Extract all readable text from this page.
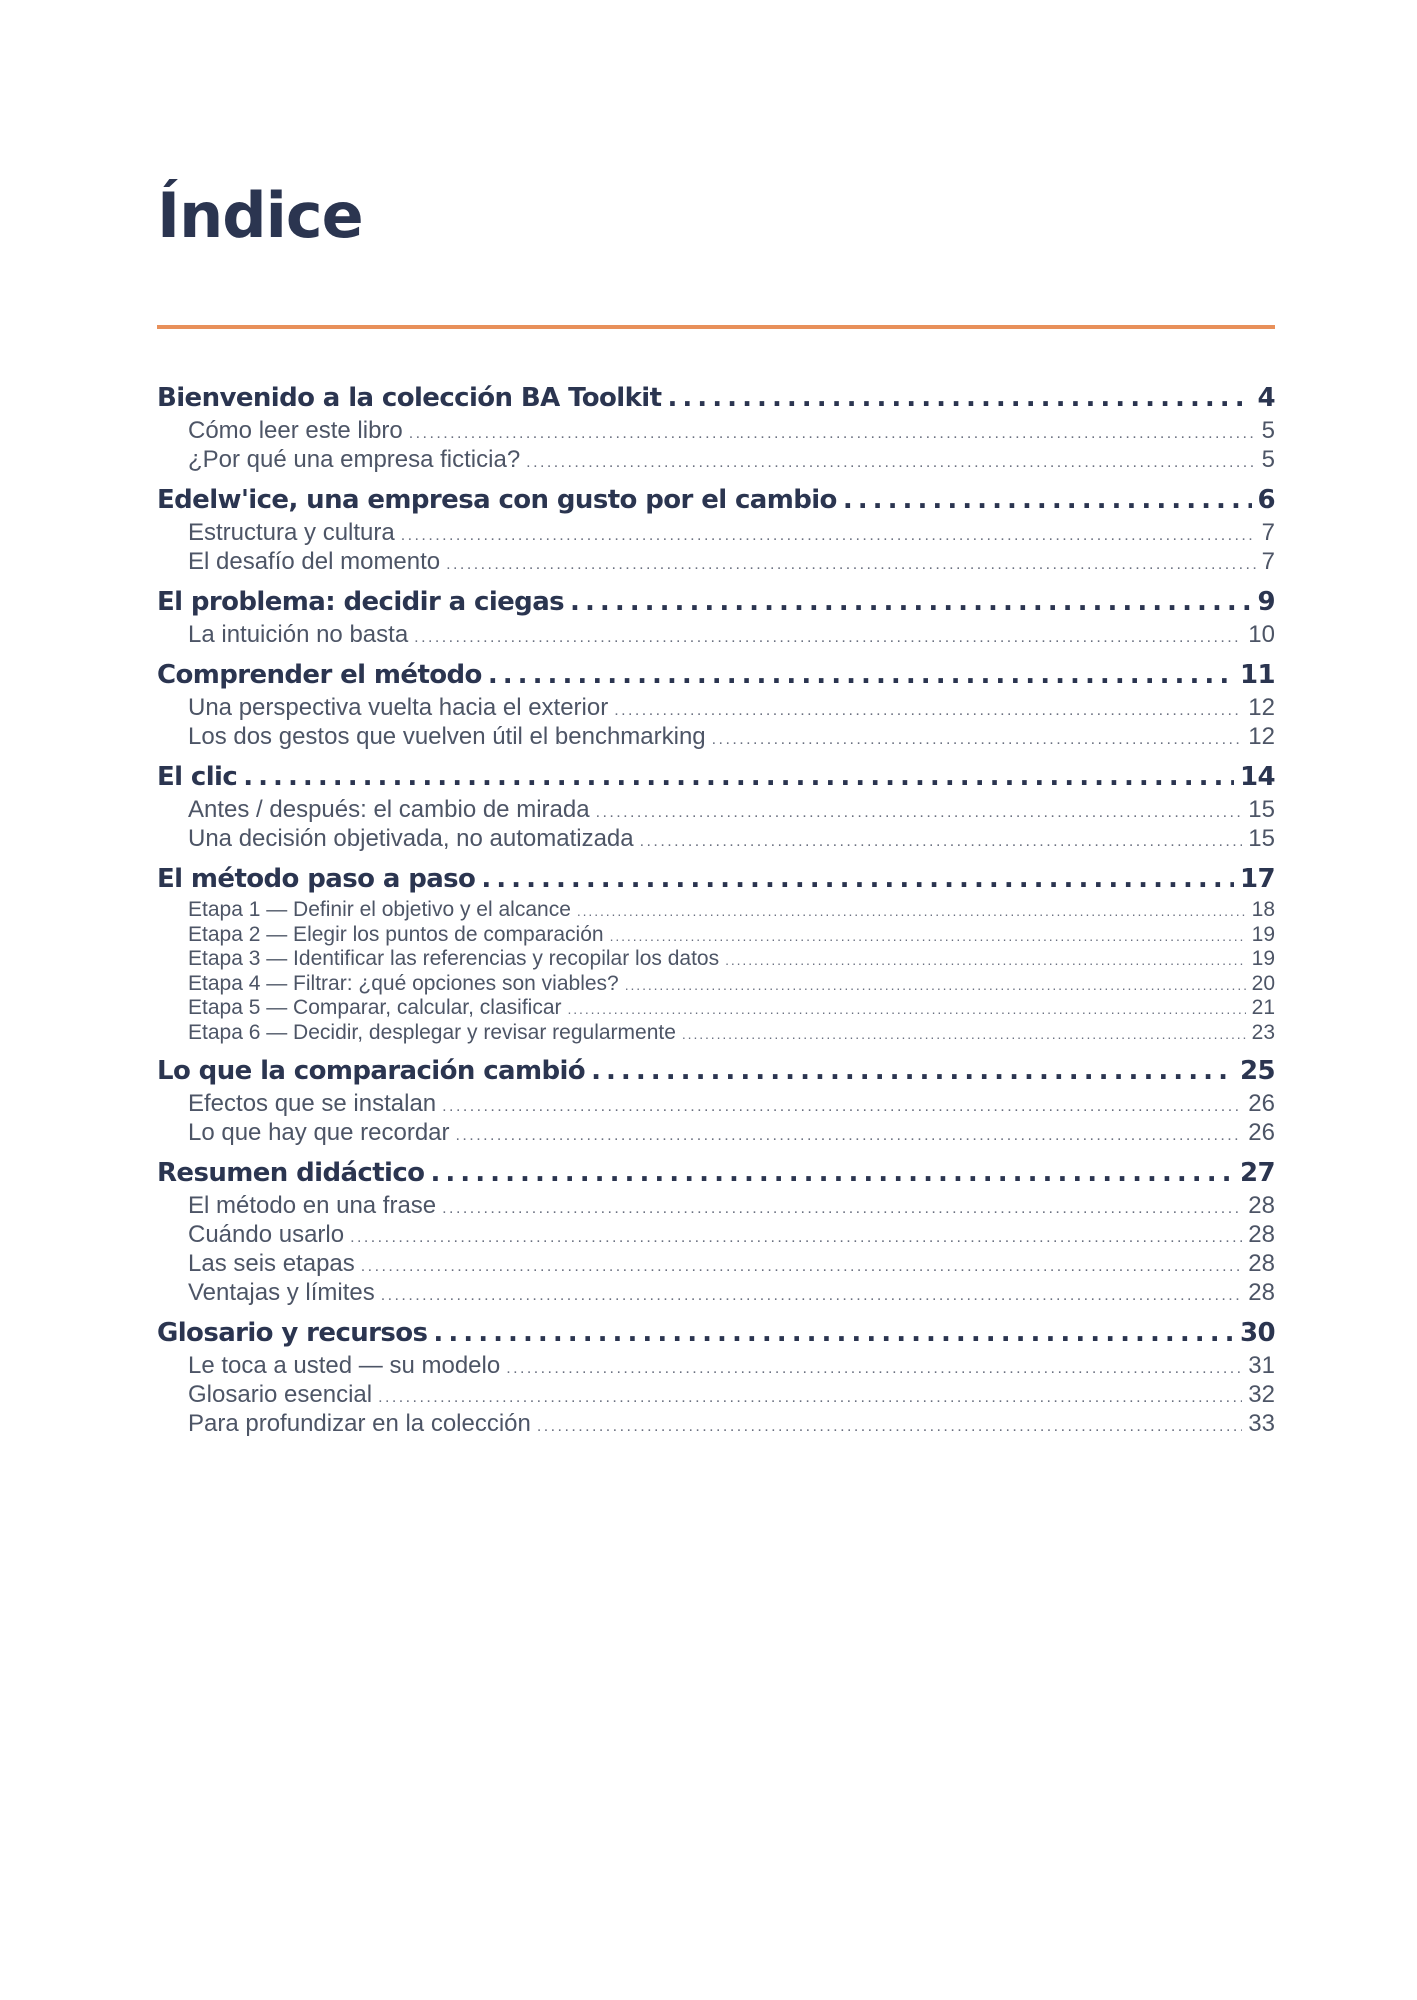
Índice
Bienvenido a la colección BA Toolkit . . .	4
Cómo leer este libro . . .	5
¿Por qué una empresa ficticia? . . .	5
Edelw'ice, una empresa con gusto por el cambio . . .	6
Estructura y cultura . . .	7
El desafío del momento . . .	7
El problema: decidir a ciegas . . .	9
La intuición no basta . . .	10
Comprender el método . . .	11
Una perspectiva vuelta hacia el exterior . . .	12
Los dos gestos que vuelven útil el benchmarking . . .	12
El clic . . .	14
Antes / después: el cambio de mirada . . .	15
Una decisión objetivada, no automatizada . . .	15
El método paso a paso . . .	17
Etapa 1 — Definir el objetivo y el alcance . . .	18
Etapa 2 — Elegir los puntos de comparación . . .	19
Etapa 3 — Identificar las referencias y recopilar los datos . . .	19
Etapa 4 — Filtrar: ¿qué opciones son viables? . . .	20
Etapa 5 — Comparar, calcular, clasificar . . .	21
Etapa 6 — Decidir, desplegar y revisar regularmente . . .	23
Lo que la comparación cambió . . .	25
Efectos que se instalan . . .	26
Lo que hay que recordar . . .	26
Resumen didáctico . . .	27
El método en una frase . . .	28
Cuándo usarlo . . .	28
Las seis etapas . . .	28
Ventajas y límites . . .	28
Glosario y recursos . . .	30
Le toca a usted — su modelo . . .	31
Glosario esencial . . .	32
Para profundizar en la colección . . .	33
